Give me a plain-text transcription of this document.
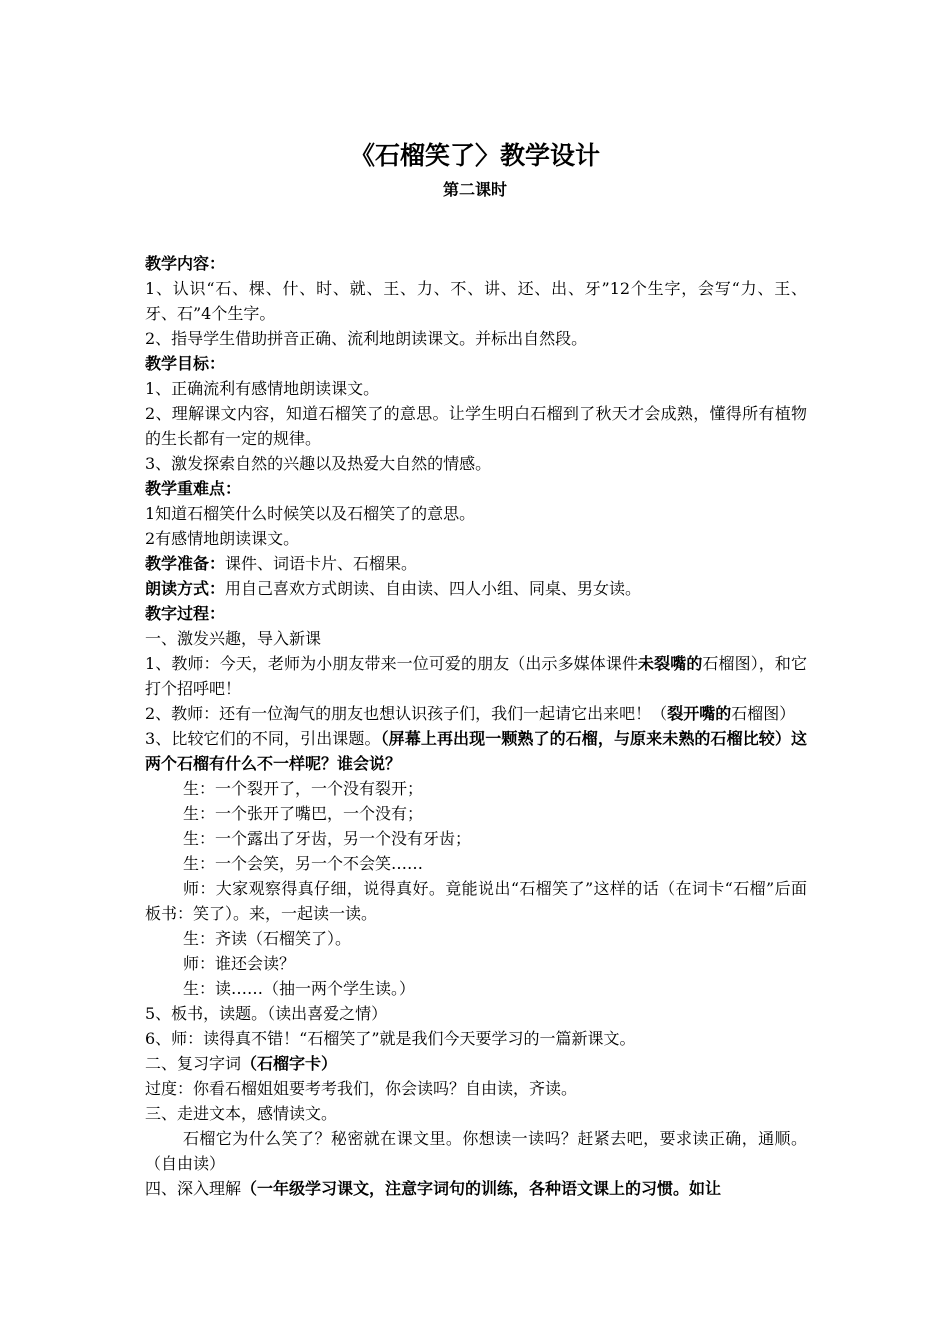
《石榴笑了〉教学设计
第二课时

教学内容：

1、认识“石、棵、什、时、就、王、力、不、讲、还、出、牙”12个生字，会写“力、王、牙、石”4个生字。

2、指导学生借助拼音正确、流利地朗读课文。并标出自然段。

教学目标：

1、正确流利有感情地朗读课文。

2、理解课文内容，知道石榴笑了的意思。让学生明白石榴到了秋天才会成熟，懂得所有植物的生长都有一定的规律。

3、激发探索自然的兴趣以及热爱大自然的情感。

教学重难点：

1知道石榴笑什么时候笑以及石榴笑了的意思。

2有感情地朗读课文。

教学准备：课件、词语卡片、石榴果。

朗读方式：用自己喜欢方式朗读、自由读、四人小组、同桌、男女读。

教字过程：

一、激发兴趣，导入新课

1、教师：今天，老师为小朋友带来一位可爱的朋友（出示多媒体课件未裂嘴的石榴图），和它打个招呼吧！

2、教师：还有一位淘气的朋友也想认识孩子们，我们一起请它出来吧！（裂开嘴的石榴图）

3、比较它们的不同，引出课题。（屏幕上再出现一颗熟了的石榴，与原来未熟的石榴比较）这两个石榴有什么不一样呢？谁会说？

生：一个裂开了，一个没有裂开；

生：一个张开了嘴巴，一个没有；

生：一个露出了牙齿，另一个没有牙齿；

生：一个会笑，另一个不会笑……

师：大家观察得真仔细，说得真好。竟能说出“石榴笑了”这样的话（在词卡“石榴”后面板书：笑了）。来，一起读一读。

生：齐读（石榴笑了）。

师：谁还会读？

生：读……（抽一两个学生读。）

5、板书，读题。（读出喜爱之情）

6、师：读得真不错！“石榴笑了”就是我们今天要学习的一篇新课文。

二、复习字词（石榴字卡）

过度：你看石榴姐姐要考考我们，你会读吗？自由读，齐读。

三、走进文本，感情读文。

石榴它为什么笑了？秘密就在课文里。你想读一读吗？赶紧去吧，要求读正确，通顺。（自由读）

四、深入理解（一年级学习课文，注意字词句的训练，各种语文课上的习惯。如让
